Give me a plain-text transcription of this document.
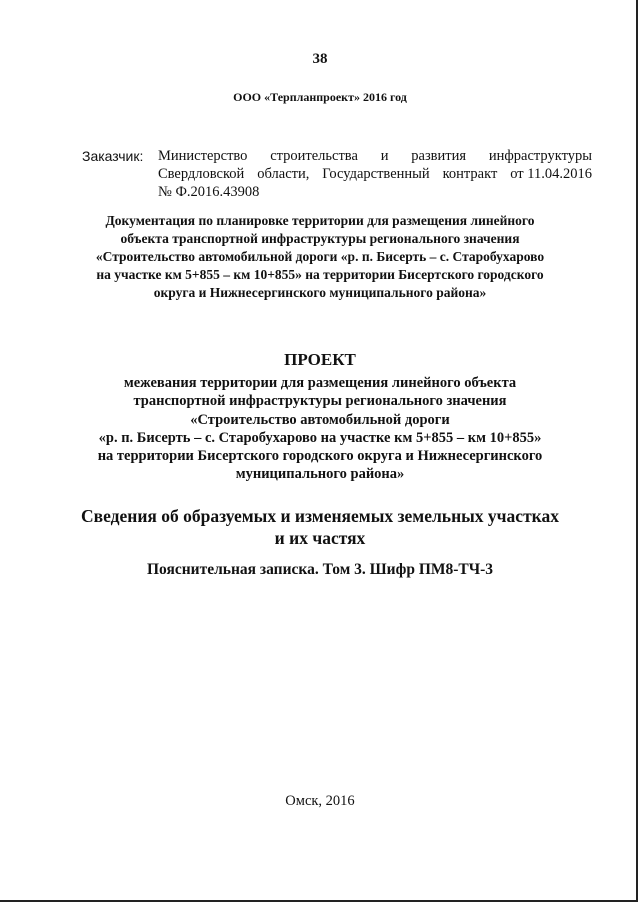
38
ООО «Терпланпроект» 2016 год
Заказчик: Министерство строительства и развития инфраструктуры
Свердловской области, Государственный контракт от 11.04.2016
№ Ф.2016.43908
Документация по планировке территории для размещения линейного
объекта транспортной инфраструктуры регионального значения
«Строительство автомобильной дороги «р. п. Бисерть – с. Старобухарово
на участке км 5+855 – км 10+855» на территории Бисертского городского
округа и Нижнесергинского муниципального района»
ПРОЕКТ
межевания территории для размещения линейного объекта
транспортной инфраструктуры регионального значения
«Строительство автомобильной дороги
«р. п. Бисерть – с. Старобухарово на участке км 5+855 – км 10+855»
на территории Бисертского городского округа и Нижнесергинского
муниципального района»
Сведения об образуемых и изменяемых земельных участках
и их частях
Пояснительная записка. Том 3. Шифр ПМ8-ТЧ-3
Омск, 2016
